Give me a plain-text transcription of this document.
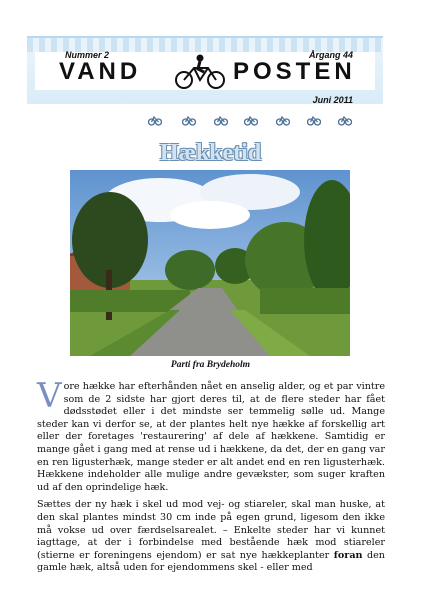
Nummer 2	Årgang 44
VAND	POSTEN
Juni 2011
Hækketid
Parti fra Brydeholm

Vore hække har efterhånden nået en anselig alder, og et par vintre som de 2 sidste har gjort deres til, at de flere steder har fået dødsstødet eller i det mindste ser temmelig sølle ud. Mange steder kan vi derfor se, at der plantes helt nye hække af forskellig art eller der foretages 'restaurering' af dele af hækkene. Samtidig er mange gået i gang med at rense ud i hækkene, da det, der en gang var en ren ligusterhæk, mange steder er alt andet end en ren ligusterhæk. Hækkene indeholder alle mulige andre gevækster, som suger kraften ud af den oprindelige hæk.

Sættes der ny hæk i skel ud mod vej- og stiareler, skal man huske, at den skal plantes mindst 30 cm inde på egen grund, ligesom den ikke må vokse ud over færdselsarealet. – Enkelte steder har vi kunnet iagttage, at der i forbindelse med bestående hæk mod stiareler (stierne er foreningens ejendom) er sat nye hækkeplanter foran den gamle hæk, altså uden for ejendommens skel - eller med
